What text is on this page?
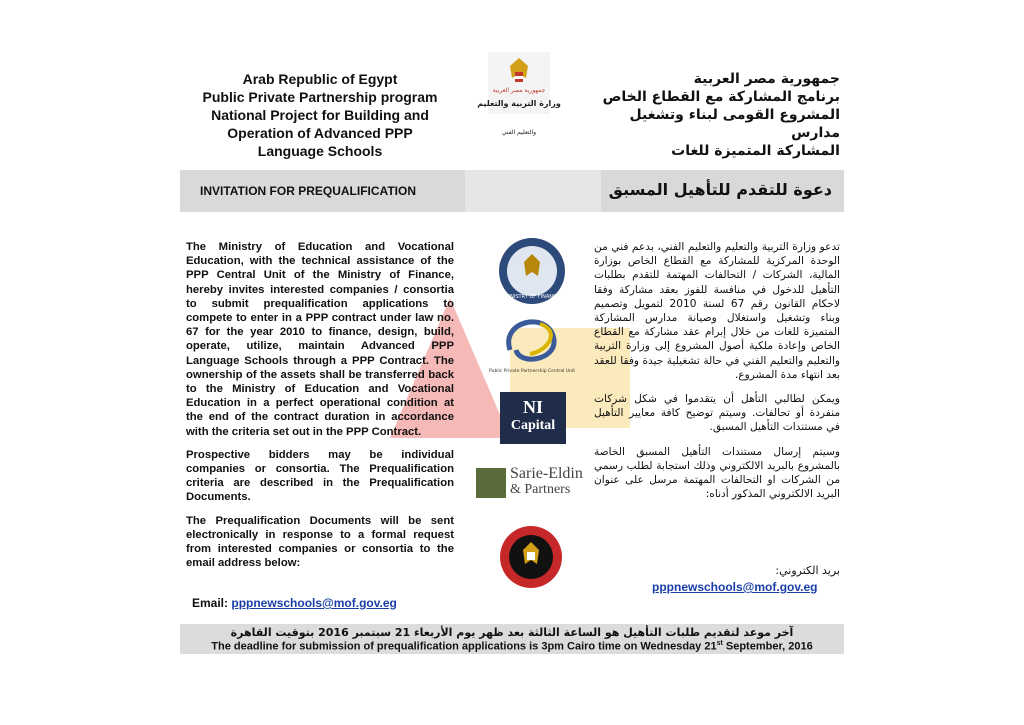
Arab Republic of Egypt
Public Private Partnership program
National Project for Building and
Operation of Advanced PPP
Language Schools
جمهورية مصر العربية
وزارة التربية والتعليم
والتعليم الفني
جمهورية مصر العربية
برنامج المشاركة مع القطاع الخاص
المشروع القومى لبناء وتشغيل مدارس
المشاركة المتميزة للغات
INVITATION FOR PREQUALIFICATION	دعوة للتقدم للتأهيل المسبق

The Ministry of Education and Vocational Education, with the technical assistance of the PPP Central Unit of the Ministry of Finance, hereby invites interested companies / consortia to submit prequalification applications to compete to enter in a PPP contract under law no. 67 for the year 2010 to finance, design, build, operate, utilize, maintain Advanced PPP Language Schools through a PPP Contract. The ownership of the assets shall be transferred back to the Ministry of Education and Vocational Education in a perfect operational condition at the end of the contract duration in accordance with the criteria set out in the PPP Contract.

Prospective bidders may be individual companies or consortia. The Prequalification criteria are described in the Prequalification Documents.

The Prequalification Documents will be sent electronically in response to a formal request from interested companies or consortia to the email address below:

Email: pppnewschools@mof.gov.eg
MINISTRY OF FINANCE
Public Private Partnership Central Unit
NI
Capital
Sarie-Eldin
& Partners

تدعو وزارة التربية والتعليم والتعليم الفني، بدعم فني من الوحدة المركزية للمشاركة مع القطاع الخاص بوزارة المالية، الشركات / التحالفات المهتمة للتقدم بطلبات التأهيل للدخول في منافسة للفوز بعقد مشاركة وفقا لاحكام القانون رقم 67 لسنة 2010 لتمويل وتصميم وبناء وتشغيل واستغلال وصيانة مدارس المشاركة المتميزة للغات من خلال إبرام عقد مشاركة مع القطاع الخاص وإعادة ملكية أصول المشروع إلى وزارة التربية والتعليم والتعليم الفني في حالة تشغيلية جيدة وفقا للعقد بعد انتهاء مدة المشروع.

ويمكن لطالبي التأهل أن يتقدموا في شكل شركات منفردة أو تحالفات. وسيتم توضيح كافة معايير التأهيل في مستندات التأهيل المسبق.

وسيتم إرسال مستندات التأهيل المسبق الخاصة بالمشروع بالبريد الالكتروني وذلك استجابة لطلب رسمي من الشركات او التحالفات المهتمة مرسل على عنوان البريد الالكتروني المذكور أدناه:

بريد الكتروني:
pppnewschools@mof.gov.eg
آخر موعد لتقديم طلبات التأهيل هو الساعة الثالثة بعد ظهر يوم الأربعاء 21 سبتمبر 2016 بتوقيت القاهرة
The deadline for submission of prequalification applications is 3pm Cairo time on Wednesday 21st September, 2016
